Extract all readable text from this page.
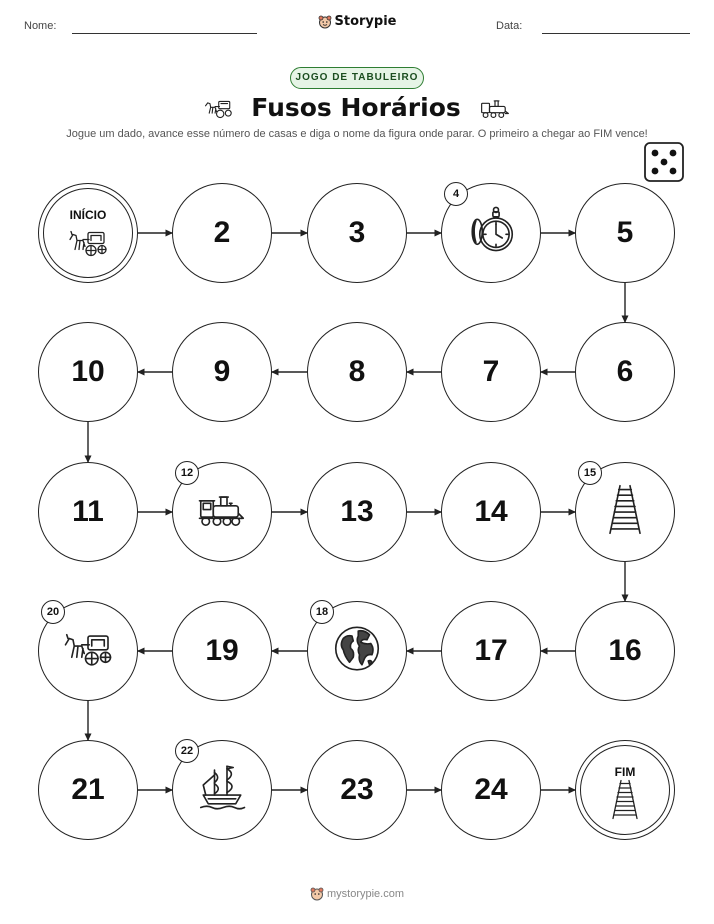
Nome:	Storypie	Data:
JOGO DE TABULEIRO
Fusos Horários
Jogue um dado, avance esse número de casas e diga o nome da figura onde parar. O primeiro a chegar ao FIM vence!
INÍCIO
2	3
4
5
6
7
8
9
10
11
12
13	14
15
16
17
18
19
20
21
22
23	24
FIM
mystorypie.com
